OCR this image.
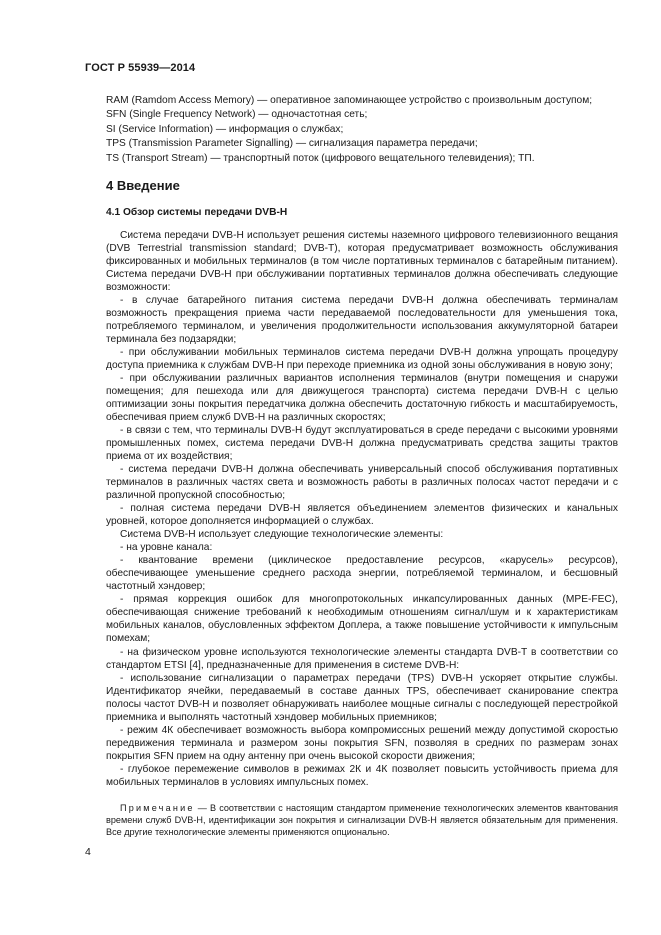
ГОСТ Р 55939—2014
RAM (Ramdom Access Memory) — оперативное запоминающее устройство с произвольным доступом;
SFN (Single Frequency Network) — одночастотная сеть;
SI (Service Information) — информация о службах;
TPS (Transmission Parameter Signalling) — сигнализация параметра передачи;
TS (Transport Stream) — транспортный поток (цифрового вещательного телевидения); ТП.
4 Введение
4.1 Обзор системы передачи DVB-H

Система передачи DVB-H использует решения системы наземного цифрового телевизионного вещания (DVB Terrestrial transmission standard; DVB-T), которая предусматривает возможность обслуживания фиксированных и мобильных терминалов (в том числе портативных терминалов с батарейным питанием). Система передачи DVB-H при обслуживании портативных терминалов должна обеспечивать следующие возможности:

- в случае батарейного питания система передачи DVB-H должна обеспечивать терминалам возможность прекращения приема части передаваемой последовательности для уменьшения тока, потребляемого терминалом, и увеличения продолжительности использования аккумуляторной батареи терминала без подзарядки;

- при обслуживании мобильных терминалов система передачи DVB-H должна упрощать процедуру доступа приемника к службам DVB-H при переходе приемника из одной зоны обслуживания в новую зону;

- при обслуживании различных вариантов исполнения терминалов (внутри помещения и снаружи помещения; для пешехода или для движущегося транспорта) система передачи DVB-H с целью оптимизации зоны покрытия передатчика должна обеспечить достаточную гибкость и масштабируемость, обеспечивая прием служб DVB-H на различных скоростях;

- в связи с тем, что терминалы DVB-H будут эксплуатироваться в среде передачи с высокими уровнями промышленных помех, система передачи DVB-H должна предусматривать средства защиты трактов приема от их воздействия;

- система передачи DVB-H должна обеспечивать универсальный способ обслуживания портативных терминалов в различных частях света и возможность работы в различных полосах частот передачи и с различной пропускной способностью;

- полная система передачи DVB-H является объединением элементов физических и канальных уровней, которое дополняется информацией о службах.

Система DVB-H использует следующие технологические элементы:

- на уровне канала:

- квантование времени (циклическое предоставление ресурсов, «карусель» ресурсов), обеспечивающее уменьшение среднего расхода энергии, потребляемой терминалом, и бесшовный частотный хэндовер;

- прямая коррекция ошибок для многопротокольных инкапсулированных данных (MPE-FEC), обеспечивающая снижение требований к необходимым отношениям сигнал/шум и к характеристикам мобильных каналов, обусловленных эффектом Доплера, а также повышение устойчивости к импульсным помехам;

- на физическом уровне используются технологические элементы стандарта DVB-T в соответствии со стандартом ETSI [4], предназначенные для применения в системе DVB-H:

- использование сигнализации о параметрах передачи (TPS) DVB-H ускоряет открытие службы. Идентификатор ячейки, передаваемый в составе данных TPS, обеспечивает сканирование спектра полосы частот DVB-H и позволяет обнаруживать наиболее мощные сигналы с последующей перестройкой приемника и выполнять частотный хэндовер мобильных приемников;

- режим 4К обеспечивает возможность выбора компромиссных решений между допустимой скоростью передвижения терминала и размером зоны покрытия SFN, позволяя в средних по размерам зонах покрытия SFN прием на одну антенну при очень высокой скорости движения;

- глубокое перемежение символов в режимах 2К и 4К позволяет повысить устойчивость приема для мобильных терминалов в условиях импульсных помех.

Примечание — В соответствии с настоящим стандартом применение технологических элементов квантования времени служб DVB-H, идентификации зон покрытия и сигнализации DVB-H является обязательным для применения. Все другие технологические элементы применяются опционально.

4
